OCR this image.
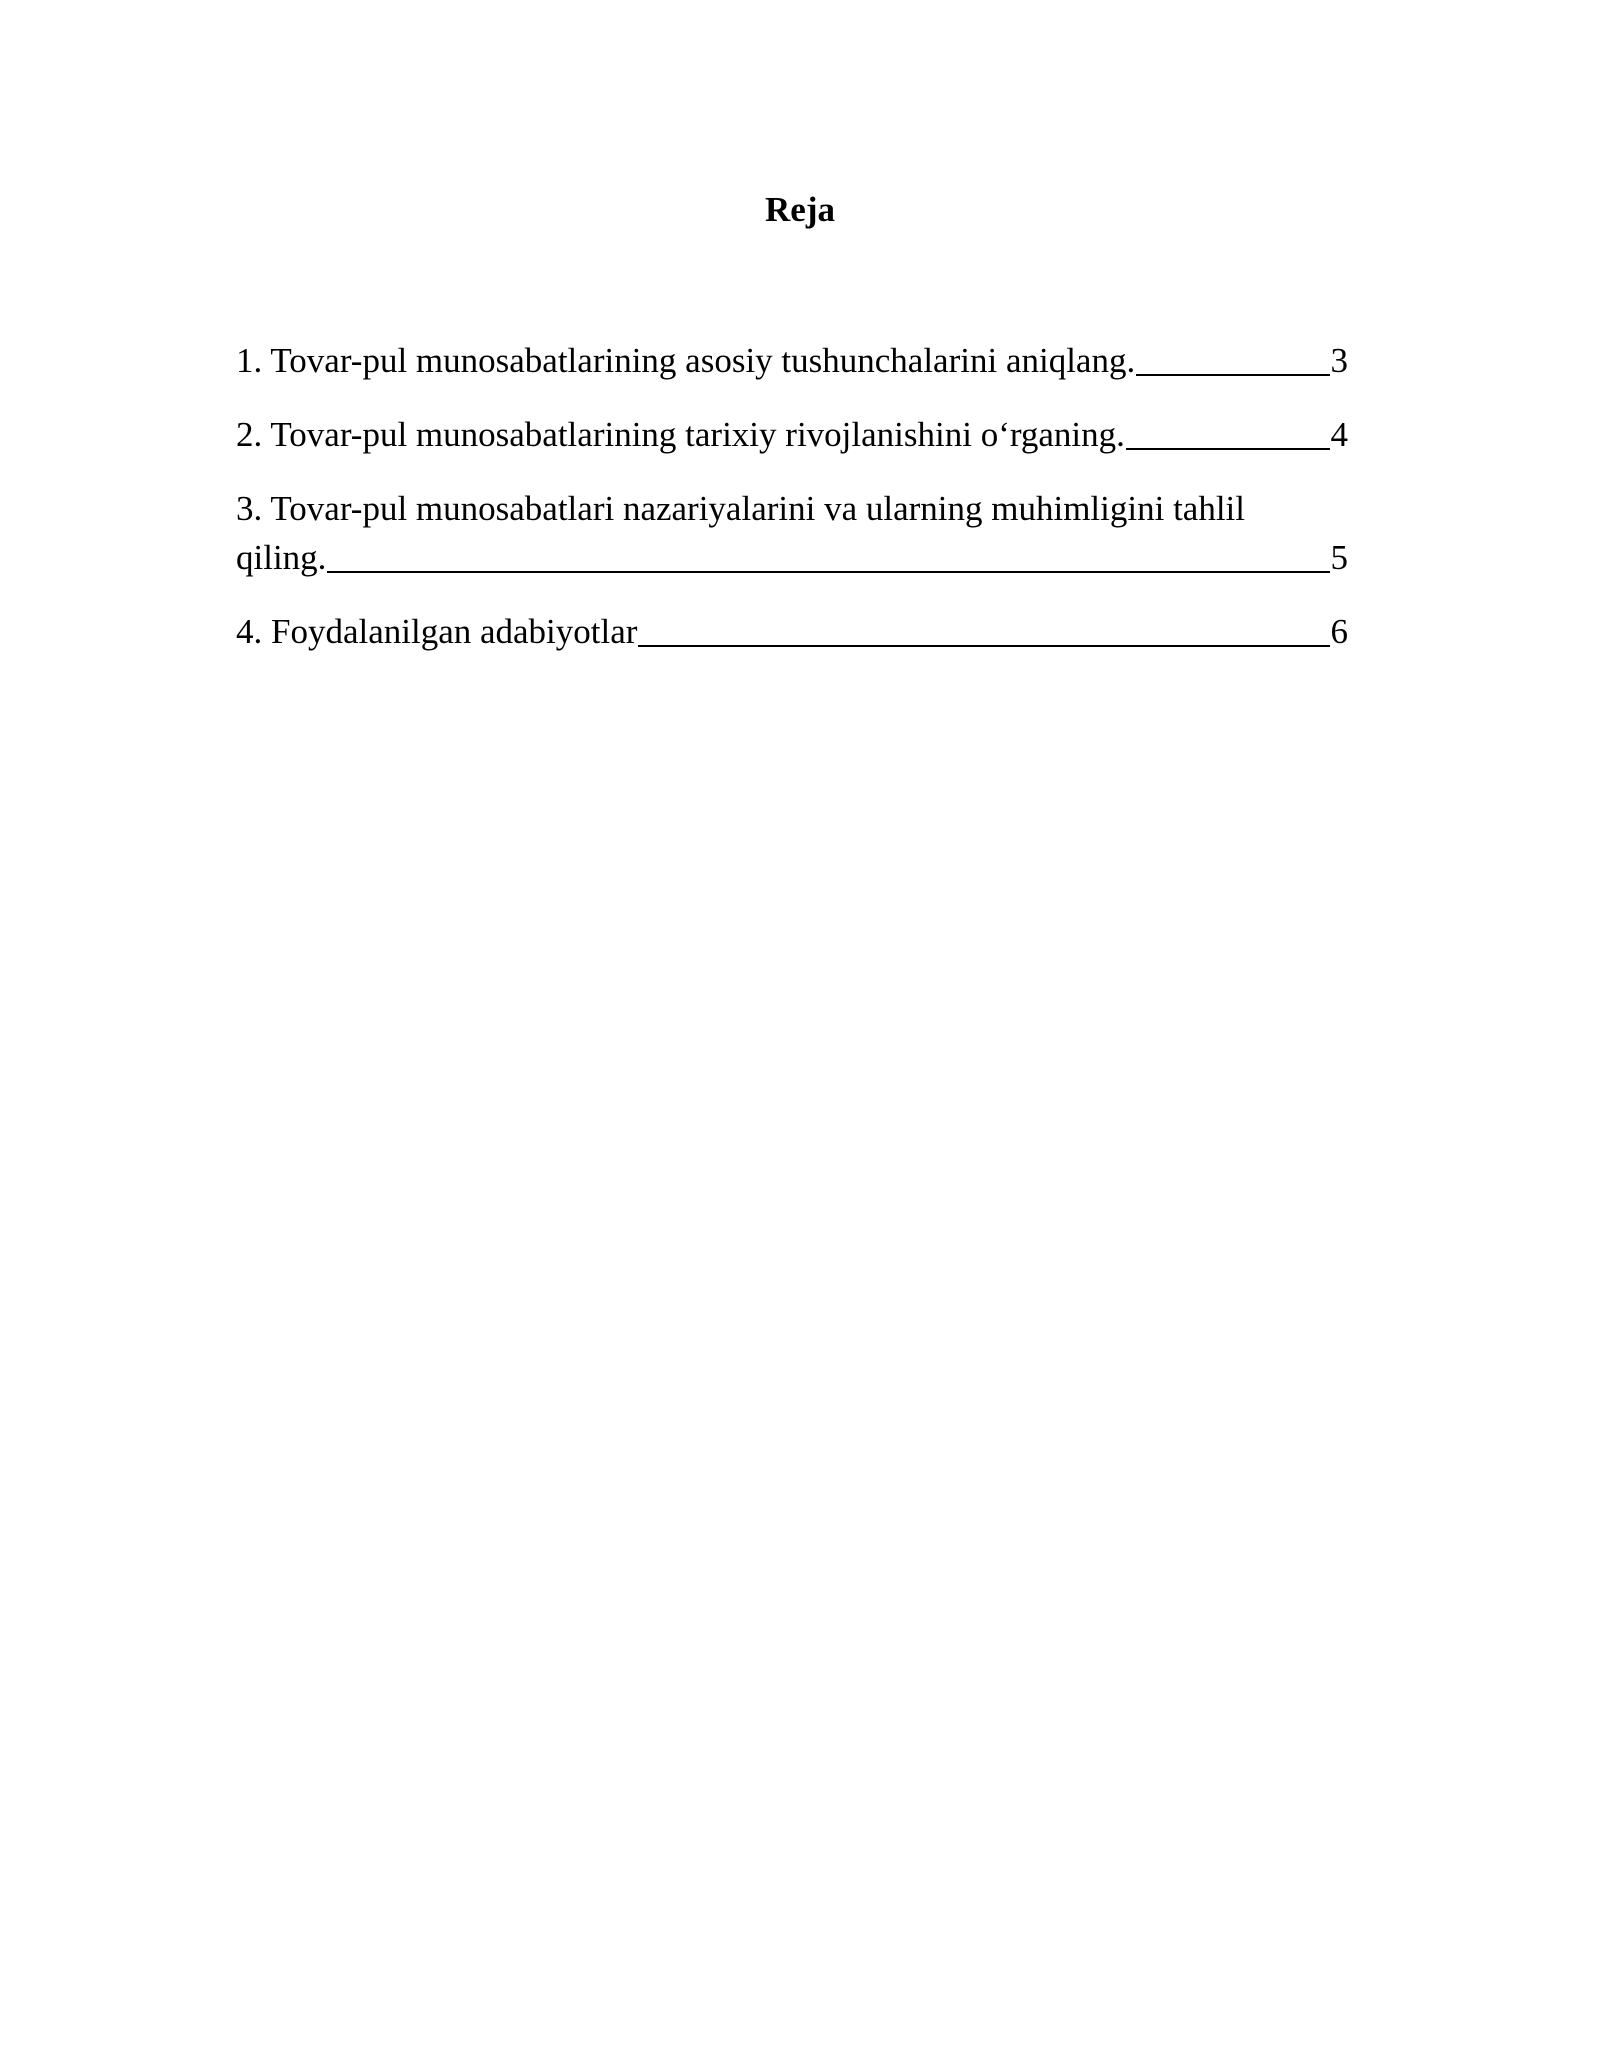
Reja
1. Tovar-pul munosabatlarining asosiy tushunchalarini aniqlang.	3
2. Tovar-pul munosabatlarining tarixiy rivojlanishini o‘rganing.	4
3. Tovar-pul munosabatlari nazariyalarini va ularning muhimligini tahlil
qiling.	5
4. Foydalanilgan adabiyotlar	6
